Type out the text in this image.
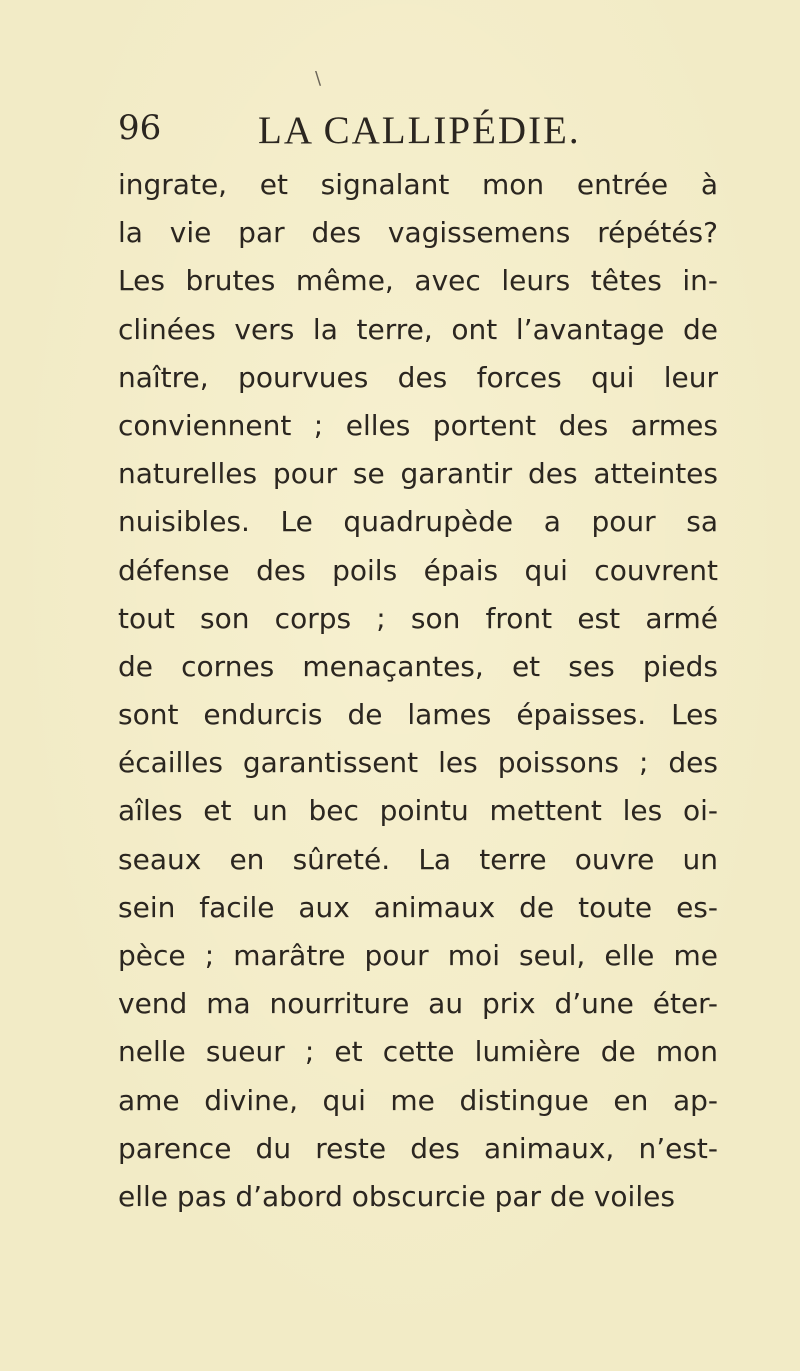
\
96 LA CALLIPÉDIE.
ingrate, et signalant mon entrée à
la vie par des vagissemens répétés?
Les brutes même, avec leurs têtes in-
clinées vers la terre, ont l’avantage de
naître, pourvues des forces qui leur
conviennent ; elles portent des armes
naturelles pour se garantir des atteintes
nuisibles. Le quadrupède a pour sa
défense des poils épais qui couvrent
tout son corps ; son front est armé
de cornes menaçantes, et ses pieds
sont endurcis de lames épaisses. Les
écailles garantissent les poissons ; des
aîles et un bec pointu mettent les oi-
seaux en sûreté. La terre ouvre un
sein facile aux animaux de toute es-
pèce ; marâtre pour moi seul, elle me
vend ma nourriture au prix d’une éter-
nelle sueur ; et cette lumière de mon
ame divine, qui me distingue en ap-
parence du reste des animaux, n’est-
elle pas d’abord obscurcie par de voiles
